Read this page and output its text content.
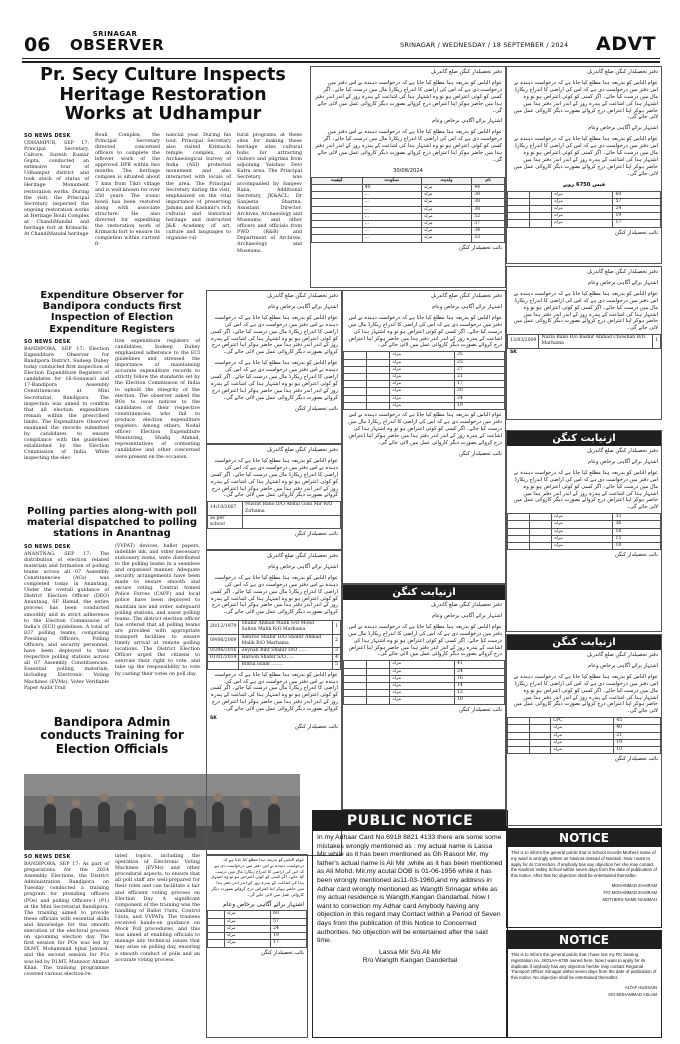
06	SRINAGAR
OBSERVER	SRINAGAR / WEDNESDAY / 18 SEPTEMBER / 2024 ADVT
Pr. Secy Culture Inspects Heritage Restoration Works at Udhampur
SO NEWS DESK

UDHAMPUR, SEP 17: Principal Secretary, Culture, Suresh Kumar Gupta, conducted an extensive tour of Udhampur district and took stock of status of Heritage Monument restoration works. During the visit, the Principal Secretary inspected the ongoing restoration works at Heritage Bouli Complex at ChandiMandal and heritage fort at Krimachi. At ChandiMandal heritage

Bouli Complex, the Principal Secretary directed concerned officers to complete the leftover work of the approved DPR within two months. The heritage complex is situated about 7 kms from Tikri village and is well known for over 250 years. The iconic bowli has been restored along with associate structure. He also directed for expediting the restoration work of Krimachi fort to ensure its completion within current fi-

nancial year. During his tour, Principal Secretary also visited Krimachi temple complex, an Archaeological Survey of India (ASI) protected monument and also interacted with locals of the area. The Principal Secretary during the visit, emphasized on the vital importance of preserving Jammu and Kashmir's rich cultural and historical heritage and instructed J&K Academy of art, culture and languages to organise cul-

tural programs at these sites for making these heritage sites cultural hubs for attracting visitors and pilgrims from adjoining Vaishno Devi Katra area. The Principal Secretary was accompanied by Sanjeev Rana, Additional Secretary, JK&ACL; Dr Sanjeeta Sharma, Assistant Director, Archives, Archaeology and Museums; and other officers and officials from PWD (R&B) and Department of Archives, Archaeology and Museums.

Expenditure Observer for Bandipora conducts first Inspection of Election Expenditure Registers
SO NEWS DESK

BANDIPORA, SEP 17: Election Expenditure Observer for Bandipora District, Sudeep Dubey today conducted first inspection of Election Expenditure Registers of candidates for 16-Sonawari and 17-Bandipora Assembly Constituencies at Mini Secretariat, Bandipora. The inspection was aimed to confirm that all election expenditure remain within the prescribed limits. The Expenditure Observer examined the records submitted by candidates to ensure compliance with the guidelines established by the Election Commission of India. While inspecting the elec-

tion expenditure registers of candidates, Sudeep Dubey emphasized adherence to the ECI guidelines and stressed the importance of maintaining accurate expenditure records to strictly follow the standards set by the Election Commission of India to uphold the integrity of the election. The observer asked the ROs to issue notices to the candidates of their respective constituencies, who fail to produce election expenditure registers. Among others, Nodal officer Election Expenditure Monitoring, Shafiq Ahmad, representatives of contesting candidates and other concerned were present on the occasion.

Polling parties along-with poll material dispatched to polling stations in Anantnag
SO NEWS DESK

ANANTNAG, SEP 17: The distribution of election related materials and formation of polling teams across all 07 Assembly Constituencies (ACs) was completed today in Anantnag. Under the overall guidance of District Election Officer (DEO) Anantnag, SF Hamid, the entire process has been conducted smoothly and in strict adherence to the Election Commission of India's (ECI) guidelines. A total of 837 polling teams, comprising Presiding Officers, Polling Officers, and security personnel, have been deployed to their respective polling stations across all 07 Assembly Constituencies. Essential polling materials, including Electronic Voting Machines (EVMs), Voter Verifiable Paper Audit Trail

(VVPAT) devices, ballot papers, indelible ink, and other necessary stationery items, were distributed to the polling teams in a seamless and organised manner. Adequate security arrangements have been made to ensure smooth and secure voting. Central Armed Police Forces (CAPF) and local police have been deployed to maintain law and order, safeguard polling stations, and assist polling teams. The district election officer has ordered that all polling teams are provided with appropriate transport facilities to ensure timely arrival at remote polling locations. The District Election Officer urged the citizens to exercise their right to vote, and take up the responsibility to vote by casting their votes on poll day.

Bandipora Admin conducts Training for Election Officials
SO NEWS DESK

BANDIPORA, SEP 17: As part of preparations for the 2024 Assembly Elections, the District Administration Bandipora on Tuesday conducted a training program for presiding officers (POs) and polling Officers-1 (P1) at the Mini Secretariat Bandipora. The training aimed to provide these officials with essential skills and knowledge for the smooth execution of the electoral process on upcoming election day. The first session for POs was led by DLMT, Mohammad Iqbal Jamwal, and the second session for P1s was led by DLMT, Manzoor Ahmad Khan. The training programme covered various election-re-

lated topics, including the operation of Electronic Voting Machines (EVMs) and other procedural aspects, to ensure that all poll staff are well-prepared for their roles and can facilitate a fair and efficient voting process on Election Day. A significant component of the training was the handling of Ballot Units, Control Units, and VVPATs. The trainees received hands-on guidance on Mock Poll procedures, and this was aimed at enabling officials to manage any technical issues that may arise on polling day, ensuring a smooth conduct of polls and an accurate voting process.

عوام الناس کو بذریعہ ہذا مطلع کیا جاتا ہے کہ درخواست دہندہ نے اس دفتر میں درخواست دی ہے کہ اس کی اراضی کا اندراج ریکارڈ مال میں درست کیا جائے۔ اگر کسی کو کوئی اعتراض ہو تو وہ اشتہار ہذا کی اشاعت کے پندرہ روز کے اندر اندر دفتر ہذا میں حاضر ہوکر اپنا اعتراض درج کروائے بصورت دیگر کاروائی عمل میں لائی جائے گی۔
اشتہار برائے آگاہی برخاص وعام
	مرلہ	60
	مرلہ	57
	مرلہ	24
	مرلہ	19
	مرلہ	17
نائب تحصیلدار کنگن
دفتر تحصیلدار کنگن ضلع گاندربل
عوام الناس کو بذریعہ ہذا مطلع کیا جاتا ہے کہ درخواست دہندہ نے اس دفتر میں درخواست دی ہے کہ اس کی اراضی کا اندراج ریکارڈ مال میں درست کیا جائے۔ اگر کسی کو کوئی اعتراض ہو تو وہ اشتہار ہذا کی اشاعت کے پندرہ روز کے اندر اندر دفتر ہذا میں حاضر ہوکر اپنا اعتراض درج کروائے بصورت دیگر کاروائی عمل میں لائی جائے گی۔
اشتہار برائے آگاہی برخاص وعام
عوام الناس کو بذریعہ ہذا مطلع کیا جاتا ہے کہ درخواست دہندہ نے اس دفتر میں درخواست دی ہے کہ اس کی اراضی کا اندراج ریکارڈ مال میں درست کیا جائے۔ اگر کسی کو کوئی اعتراض ہو تو وہ اشتہار ہذا کی اشاعت کے پندرہ روز کے اندر اندر دفتر ہذا میں حاضر ہوکر اپنا اعتراض درج کروائے بصورت دیگر کاروائی عمل میں لائی جائے گی۔
30/08/2024
کیفیت	سکونت	ولدیت	نام
	40	مرلہ	44
	...	مرلہ	38
	...	مرلہ	38
	...	مرلہ	38
	...	مرلہ	52
	...	مرلہ	37
	...	مرلہ	34
	...	مرلہ	33
نائب تحصیلدار کنگن
دفتر تحصیلدار کنگن ضلع گاندربل
اشتہار برائے آگاہی برخاص وعام
عوام الناس کو بذریعہ ہذا مطلع کیا جاتا ہے کہ درخواست دہندہ نے اس دفتر میں درخواست دی ہے کہ اس کی اراضی کا اندراج ریکارڈ مال میں درست کیا جائے۔ اگر کسی کو کوئی اعتراض ہو تو وہ اشتہار ہذا کی اشاعت کے پندرہ روز کے اندر اندر دفتر ہذا میں حاضر ہوکر اپنا اعتراض درج کروائے بصورت دیگر کاروائی عمل میں لائی جائے گی۔
عوام الناس کو بذریعہ ہذا مطلع کیا جاتا ہے کہ درخواست دہندہ نے اس دفتر میں درخواست دی ہے کہ اس کی اراضی کا اندراج ریکارڈ مال میں درست کیا جائے۔ اگر کسی کو کوئی اعتراض ہو تو وہ اشتہار ہذا کی اشاعت کے پندرہ روز کے اندر اندر دفتر ہذا میں حاضر ہوکر اپنا اعتراض درج کروائے بصورت دیگر کاروائی عمل میں لائی جائے گی۔
نائب تحصیلدار کنگن
دفتر تحصیلدار کنگن ضلع گاندربل
عوام الناس کو بذریعہ ہذا مطلع کیا جاتا ہے کہ درخواست دہندہ نے اس دفتر میں درخواست دی ہے کہ اس کی اراضی کا اندراج ریکارڈ مال میں درست کیا جائے۔ اگر کسی کو کوئی اعتراض ہو تو وہ اشتہار ہذا کی اشاعت کے پندرہ روز کے اندر اندر دفتر ہذا میں حاضر ہوکر اپنا اعتراض درج کروائے بصورت دیگر کاروائی عمل میں لائی جائے گی۔
14/10/2007	Nusrat Bano D/O Abdul Gani Mir R/O Zirhama
as per school	
نائب تحصیلدار کنگن
دفتر تحصیلدار کنگن ضلع گاندربل
اشتہار برائے آگاہی برخاص وعام
عوام الناس کو بذریعہ ہذا مطلع کیا جاتا ہے کہ درخواست دہندہ نے اس دفتر میں درخواست دی ہے کہ اس کی اراضی کا اندراج ریکارڈ مال میں درست کیا جائے۔ اگر کسی کو کوئی اعتراض ہو تو وہ اشتہار ہذا کی اشاعت کے پندرہ روز کے اندر اندر دفتر ہذا میں حاضر ہوکر اپنا اعتراض درج کروائے بصورت دیگر کاروائی عمل میں لائی جائے گی۔
20/12/1979	Shabir Ahmad Malik S/O Mohd Sultan Malik R/O Marhama	1
09/06/2009	Asbiroo Shabir D/O Shabir Ahmad Malik R/O Marhama	2
05/06/2016	Zeynab Bint Shabir D/O ......	3
01/01/2014	Haroon Shabir S/O......	4
	Bintul Islam ........	5
عوام الناس کو بذریعہ ہذا مطلع کیا جاتا ہے کہ درخواست دہندہ نے اس دفتر میں درخواست دی ہے کہ اس کی اراضی کا اندراج ریکارڈ مال میں درست کیا جائے۔ اگر کسی کو کوئی اعتراض ہو تو وہ اشتہار ہذا کی اشاعت کے پندرہ روز کے اندر اندر دفتر ہذا میں حاضر ہوکر اپنا اعتراض درج کروائے بصورت دیگر کاروائی عمل میں لائی جائے گی۔
SK
نائب تحصیلدار کنگن
دفتر تحصیلدار کنگن ضلع گاندربل
اشتہار برائے آگاہی برخاص وعام
عوام الناس کو بذریعہ ہذا مطلع کیا جاتا ہے کہ درخواست دہندہ نے اس دفتر میں درخواست دی ہے کہ اس کی اراضی کا اندراج ریکارڈ مال میں درست کیا جائے۔ اگر کسی کو کوئی اعتراض ہو تو وہ اشتہار ہذا کی اشاعت کے پندرہ روز کے اندر اندر دفتر ہذا میں حاضر ہوکر اپنا اعتراض درج کروائے بصورت دیگر کاروائی عمل میں لائی جائے گی۔
		مرلہ	35
		مرلہ	25
		مرلہ	27
		مرلہ	21
		مرلہ	17
		مرلہ	20
		مرلہ	24
		مرلہ	19
عوام الناس کو بذریعہ ہذا مطلع کیا جاتا ہے کہ درخواست دہندہ نے اس دفتر میں درخواست دی ہے کہ اس کی اراضی کا اندراج ریکارڈ مال میں درست کیا جائے۔ اگر کسی کو کوئی اعتراض ہو تو وہ اشتہار ہذا کی اشاعت کے پندرہ روز کے اندر اندر دفتر ہذا میں حاضر ہوکر اپنا اعتراض درج کروائے بصورت دیگر کاروائی عمل میں لائی جائے گی۔
نائب تحصیلدار کنگن
ازنیابت کنگن
دفتر تحصیلدار کنگن ضلع گاندربل
اشتہار برائے آگاہی برخاص وعام
عوام الناس کو بذریعہ ہذا مطلع کیا جاتا ہے کہ درخواست دہندہ نے اس دفتر میں درخواست دی ہے کہ اس کی اراضی کا اندراج ریکارڈ مال میں درست کیا جائے۔ اگر کسی کو کوئی اعتراض ہو تو وہ اشتہار ہذا کی اشاعت کے پندرہ روز کے اندر اندر دفتر ہذا میں حاضر ہوکر اپنا اعتراض درج کروائے بصورت دیگر کاروائی عمل میں لائی جائے گی۔
		مرلہ	41
		مرلہ	24
		مرلہ	16
		مرلہ	14
		مرلہ	12
		مرلہ	10
نائب تحصیلدار کنگن
PUBLIC NOTICE
In my Adhaar Card No.6918 8821 4133 there are some some mistakes wrongly mentioned as : my actual name is Lassa Mir while as it has been mentioned as Gh Rasool Mir, my father's actual name is Ali Mir ,while as it has been mentioned as Ali Mohd. Mir,my acutal DOB is 01-06-1956 while it has been wrongly mentioned as11-03-1960,and my address in Adhar card wrongly mentioned as Wangth Srinagar while as my actual residence is Wangth,Kangan Gandarbal. Now I want to correction my Adhar card Anybody having any objection in this regard may Contact within a Period of Seven days from the publication of this Notice to Concerned authorities. No objection will be entertained after the said time.
Lassa Mir S/o Ali Mir
R/o Wangth Kangan Ganderbal
دفتر تحصیلدار کنگن ضلع گاندربل
عوام الناس کو بذریعہ ہذا مطلع کیا جاتا ہے کہ درخواست دہندہ نے اس دفتر میں درخواست دی ہے کہ اس کی اراضی کا اندراج ریکارڈ مال میں درست کیا جائے۔ اگر کسی کو کوئی اعتراض ہو تو وہ اشتہار ہذا کی اشاعت کے پندرہ روز کے اندر اندر دفتر ہذا میں حاضر ہوکر اپنا اعتراض درج کروائے بصورت دیگر کاروائی عمل میں لائی جائے گی۔
اشتہار برائے آگاہی برخاص وعام
عوام الناس کو بذریعہ ہذا مطلع کیا جاتا ہے کہ درخواست دہندہ نے اس دفتر میں درخواست دی ہے کہ اس کی اراضی کا اندراج ریکارڈ مال میں درست کیا جائے۔ اگر کسی کو کوئی اعتراض ہو تو وہ اشتہار ہذا کی اشاعت کے پندرہ روز کے اندر اندر دفتر ہذا میں حاضر ہوکر اپنا اعتراض درج کروائے بصورت دیگر کاروائی عمل میں لائی جائے گی۔
فیس 6750 روپے
		مرلہ	60
		مرلہ	57
		مرلہ	24
		مرلہ	19
		مرلہ	17
نائب تحصیلدار کنگن
دفتر تحصیلدار کنگن ضلع گاندربل
اشتہار برائے آگاہی برخاص وعام
عوام الناس کو بذریعہ ہذا مطلع کیا جاتا ہے کہ درخواست دہندہ نے اس دفتر میں درخواست دی ہے کہ اس کی اراضی کا اندراج ریکارڈ مال میں درست کیا جائے۔ اگر کسی کو کوئی اعتراض ہو تو وہ اشتہار ہذا کی اشاعت کے پندرہ روز کے اندر اندر دفتر ہذا میں حاضر ہوکر اپنا اعتراض درج کروائے بصورت دیگر کاروائی عمل میں لائی جائے گی۔
13/03/2009	Nazia Bano D/o Bashir Ahmad Chowhan R/O Marhama	1
SK
ازنیابت کنگن
دفتر تحصیلدار کنگن ضلع گاندربل
اشتہار برائے آگاہی برخاص وعام
عوام الناس کو بذریعہ ہذا مطلع کیا جاتا ہے کہ درخواست دہندہ نے اس دفتر میں درخواست دی ہے کہ اس کی اراضی کا اندراج ریکارڈ مال میں درست کیا جائے۔ اگر کسی کو کوئی اعتراض ہو تو وہ اشتہار ہذا کی اشاعت کے پندرہ روز کے اندر اندر دفتر ہذا میں حاضر ہوکر اپنا اعتراض درج کروائے بصورت دیگر کاروائی عمل میں لائی جائے گی۔
		مرلہ	33
		مرلہ	36
		مرلہ	18
		مرلہ	15
		مرلہ	10
نائب تحصیلدار کنگن
ازنیابت کنگن
دفتر تحصیلدار کنگن ضلع گاندربل
اشتہار برائے آگاہی برخاص وعام
عوام الناس کو بذریعہ ہذا مطلع کیا جاتا ہے کہ درخواست دہندہ نے اس دفتر میں درخواست دی ہے کہ اس کی اراضی کا اندراج ریکارڈ مال میں درست کیا جائے۔ اگر کسی کو کوئی اعتراض ہو تو وہ اشتہار ہذا کی اشاعت کے پندرہ روز کے اندر اندر دفتر ہذا میں حاضر ہوکر اپنا اعتراض درج کروائے بصورت دیگر کاروائی عمل میں لائی جائے گی۔
		LPC	45
		مرلہ	40
		مرلہ	21
		مرلہ	19
		مرلہ	10
نائب تحصیلدار کنگن
NOTICE
This is to inform the general public that in School records Mothers name of my ward is wrongly written as Nasima instead of Nasirah. Now I want to apply for its Correction. If anybody has any objection he/ she may contact the Kashmir Valley School within seven days from the date of publication of this notice. After that No objection shall be entertained thereafter.
MOHAMMAD ZAHIRAM
F/O MOHAMMAD ZAHIRAM
MOTHERS NAME NASIMAH
NOTICE
This is to inform the general public that I have lost my RC bearing registration no. JK01AA-6785 owned here. Now I want to apply for its duplicate if anybody has any objection he/she may contact Regional Transport Officer Srinagar within seven days from the date of publication of this notice. No objection shall be entertained thereafter.
ALTAF HUSSAIN
S/O MOHAMMAD ASLAM
